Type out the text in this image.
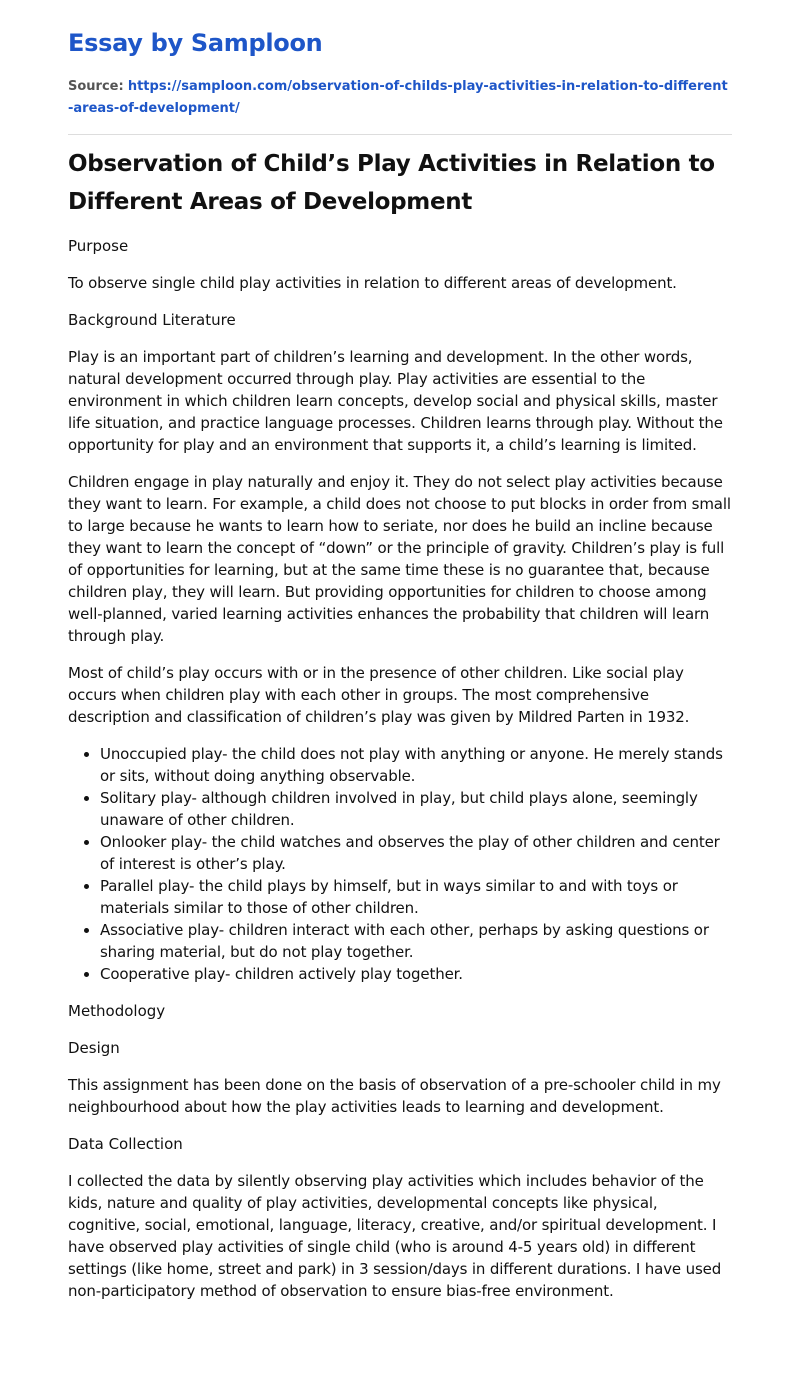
Essay by Samploon
Source: https://samploon.com/observation-of-childs-play-activities-in-relation-to-different-areas-of-development/
Observation of Child’s Play Activities in Relation to Different Areas of Development
Purpose

To observe single child play activities in relation to different areas of development.

Background Literature

Play is an important part of children’s learning and development. In the other words, natural development occurred through play. Play activities are essential to the environment in which children learn concepts, develop social and physical skills, master life situation, and practice language processes. Children learns through play. Without the opportunity for play and an environment that supports it, a child’s learning is limited.

Children engage in play naturally and enjoy it. They do not select play activities because they want to learn. For example, a child does not choose to put blocks in order from small to large because he wants to learn how to seriate, nor does he build an incline because they want to learn the concept of “down” or the principle of gravity. Children’s play is full of opportunities for learning, but at the same time these is no guarantee that, because children play, they will learn. But providing opportunities for children to choose among well-planned, varied learning activities enhances the probability that children will learn through play.

Most of child’s play occurs with or in the presence of other children. Like social play occurs when children play with each other in groups. The most comprehensive description and classification of children’s play was given by Mildred Parten in 1932.

• Unoccupied play- the child does not play with anything or anyone. He merely stands or sits, without doing anything observable.
• Solitary play- although children involved in play, but child plays alone, seemingly unaware of other children.
• Onlooker play- the child watches and observes the play of other children and center of interest is other’s play.
• Parallel play- the child plays by himself, but in ways similar to and with toys or materials similar to those of other children.
• Associative play- children interact with each other, perhaps by asking questions or sharing material, but do not play together.
• Cooperative play- children actively play together.
Methodology
Design

This assignment has been done on the basis of observation of a pre-schooler child in my neighbourhood about how the play activities leads to learning and development.

Data Collection

I collected the data by silently observing play activities which includes behavior of the kids, nature and quality of play activities, developmental concepts like physical, cognitive, social, emotional, language, literacy, creative, and/or spiritual development. I have observed play activities of single child (who is around 4-5 years old) in different settings (like home, street and park) in 3 session/days in different durations. I have used non-participatory method of observation to ensure bias-free environment.
